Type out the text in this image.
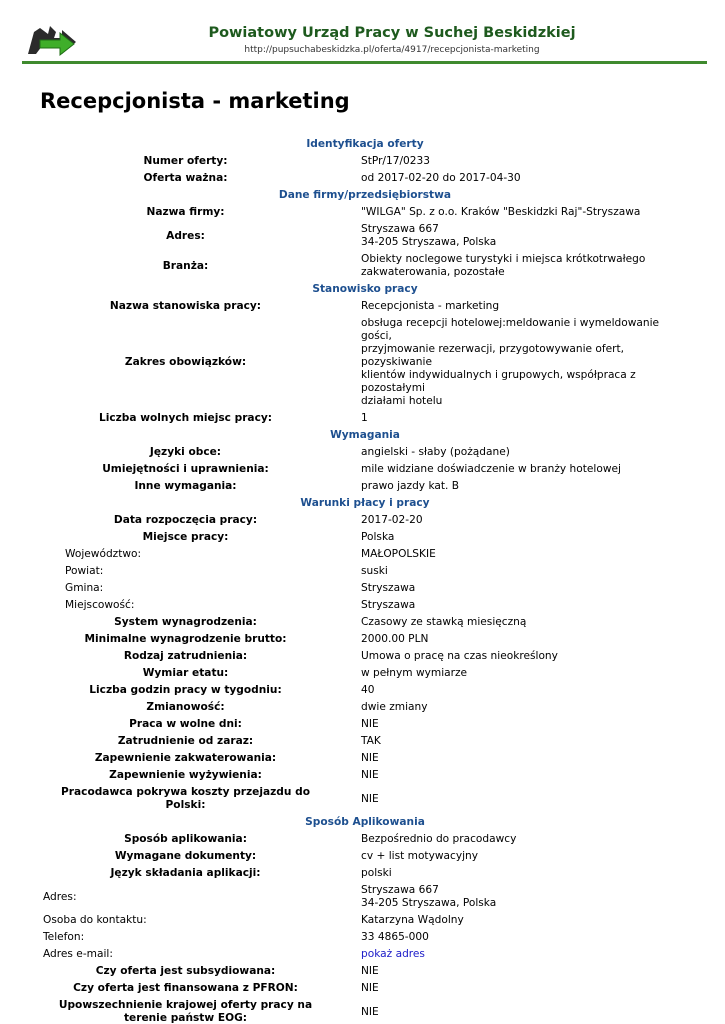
Powiatowy Urząd Pracy w Suchej Beskidzkiej
http://pupsuchabeskidzka.pl/oferta/4917/recepcjonista-marketing
Recepcjonista - marketing
Identyfikacja oferty
Numer oferty:	StPr/17/0233
Oferta ważna:	od 2017-02-20 do 2017-04-30
Dane firmy/przedsiębiorstwa
Nazwa firmy:	"WILGA" Sp. z o.o. Kraków "Beskidzki Raj"-Stryszawa
Adres:
Stryszawa 667
34-205 Stryszawa, Polska
Branża:
Obiekty noclegowe turystyki i miejsca krótkotrwałego
zakwaterowania, pozostałe
Stanowisko pracy
Nazwa stanowiska pracy:	Recepcjonista - marketing
Zakres obowiązków:
obsługa recepcji hotelowej:meldowanie i wymeldowanie gości,
przyjmowanie rezerwacji, przygotowywanie ofert, pozyskiwanie
klientów indywidualnych i grupowych, współpraca z pozostałymi
działami hotelu
Liczba wolnych miejsc pracy:	1
Wymagania
Języki obce:	angielski - słaby (pożądane)
Umiejętności i uprawnienia:	mile widziane doświadczenie w branży hotelowej
Inne wymagania:	prawo jazdy kat. B
Warunki płacy i pracy
Data rozpoczęcia pracy:	2017-02-20
Miejsce pracy:	Polska
Województwo:	MAŁOPOLSKIE
Powiat:	suski
Gmina:	Stryszawa
Miejscowość:	Stryszawa
System wynagrodzenia:	Czasowy ze stawką miesięczną
Minimalne wynagrodzenie brutto:	2000.00 PLN
Rodzaj zatrudnienia:	Umowa o pracę na czas nieokreślony
Wymiar etatu:	w pełnym wymiarze
Liczba godzin pracy w tygodniu:	40
Zmianowość:	dwie zmiany
Praca w wolne dni:	NIE
Zatrudnienie od zaraz:	TAK
Zapewnienie zakwaterowania:	NIE
Zapewnienie wyżywienia:	NIE
Pracodawca pokrywa koszty przejazdu do Polski:
NIE
Sposób Aplikowania
Sposób aplikowania:	Bezpośrednio do pracodawcy
Wymagane dokumenty:	cv + list motywacyjny
Język składania aplikacji:	polski
Adres:
Stryszawa 667
34-205 Stryszawa, Polska
Osoba do kontaktu:	Katarzyna Wądolny
Telefon:	33 4865-000
Adres e-mail:	pokaż adres
Czy oferta jest subsydiowana:	NIE
Czy oferta jest finansowana z PFRON:	NIE
Upowszechnienie krajowej oferty pracy na terenie państw EOG:
NIE
